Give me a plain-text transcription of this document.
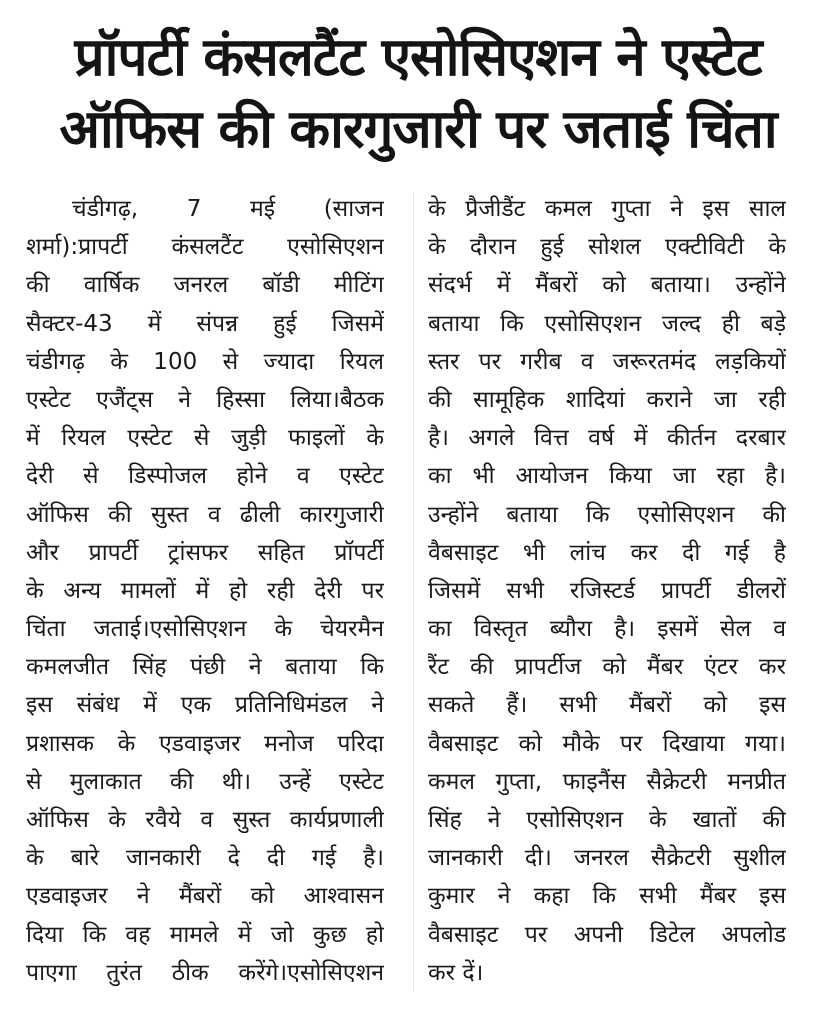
प्रॉपर्टी कंसलटैंट एसोसिएशन ने एस्टेट
ऑफिस की कारगुजारी पर जताई चिंता
चंडीगढ़, 7 मई (साजन
शर्मा):प्रापर्टी कंसलटैंट एसोसिएशन
की वार्षिक जनरल बॉडी मीटिंग
सैक्टर-43 में संपन्न हुई जिसमें
चंडीगढ़ के 100 से ज्यादा रियल
एस्टेट एजैंट्स ने हिस्सा लिया।बैठक
में रियल एस्टेट से जुड़ी फाइलों के
देरी से डिस्पोजल होने व एस्टेट
ऑफिस की सुस्त व ढीली कारगुजारी
और प्रापर्टी ट्रांसफर सहित प्रॉपर्टी
के अन्य मामलों में हो रही देरी पर
चिंता जताई।एसोसिएशन के चेयरमैन
कमलजीत सिंह पंछी ने बताया कि
इस संबंध में एक प्रतिनिधिमंडल ने
प्रशासक के एडवाइजर मनोज परिदा
से मुलाकात की थी। उन्हें एस्टेट
ऑफिस के रवैये व सुस्त कार्यप्रणाली
के बारे जानकारी दे दी गई है।
एडवाइजर ने मैंबरों को आश्वासन
दिया कि वह मामले में जो कुछ हो
पाएगा तुरंत ठीक करेंगे।एसोसिएशन
के प्रैजीडैंट कमल गुप्ता ने इस साल
के दौरान हुई सोशल एक्टीविटी के
संदर्भ में मैंबरों को बताया। उन्होंने
बताया कि एसोसिएशन जल्द ही बड़े
स्तर पर गरीब व जरूरतमंद लड़कियों
की सामूहिक शादियां कराने जा रही
है। अगले वित्त वर्ष में कीर्तन दरबार
का भी आयोजन किया जा रहा है।
उन्होंने बताया कि एसोसिएशन की
वैबसाइट भी लांच कर दी गई है
जिसमें सभी रजिस्टर्ड प्रापर्टी डीलरों
का विस्तृत ब्यौरा है। इसमें सेल व
रैंट की प्रापर्टीज को मैंबर एंटर कर
सकते हैं। सभी मैंबरों को इस
वैबसाइट को मौके पर दिखाया गया।
कमल गुप्ता, फाइनैंस सैक्रेटरी मनप्रीत
सिंह ने एसोसिएशन के खातों की
जानकारी दी। जनरल सैक्रेटरी सुशील
कुमार ने कहा कि सभी मैंबर इस
वैबसाइट पर अपनी डिटेल अपलोड
कर दें।
